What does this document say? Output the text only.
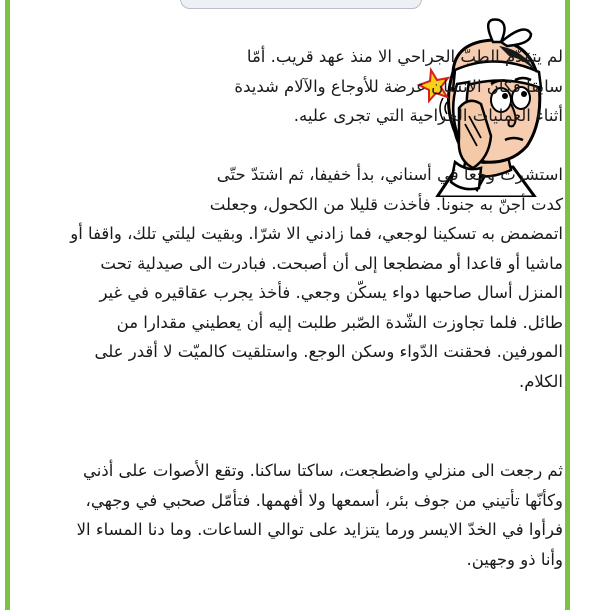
لم يتقدّم الطبّ الجراحي الا منذ عهد قريب. أمّا سابقا فكان الانسان عرضة للأوجاع والآلام شديدة أثناء العمليات الجراحية التي تجرى عليه.

استشرت وجعا في أسناني، بدأ خفيفا، ثم اشتدّ حتّى كدت أجنّ به جنونا. فأخذت قليلا من الكحول، وجعلت اتمضمض به تسكينا لوجعي، فما زادني الا شرّا. وبقيت ليلتي تلك، واقفا أو ماشيا أو قاعدا أو مضطجعا إلى أن أصبحت. فبادرت الى صيدلية تحت المنزل أسال صاحبها دواء يسكّن وجعي. فأخذ يجرب عقاقيره في غير طائل. فلما تجاوزت الشّدة الصّبر طلبت إليه أن يعطيني مقدارا من المورفين. فحقنت الدّواء وسكن الوجع. واستلقيت كالميّت لا أقدر على الكلام.

ثم رجعت الى منزلي واضطجعت، ساكتا ساكنا. وتقع الأصوات على أذني وكأنّها تأتيني من جوف بئر، أسمعها ولا أفهمها. فتأمّل صحبي في وجهي، فرأوا في الخدّ الايسر ورما يتزايد على توالي الساعات. وما دنا المساء الا وأنا ذو وجهين.
